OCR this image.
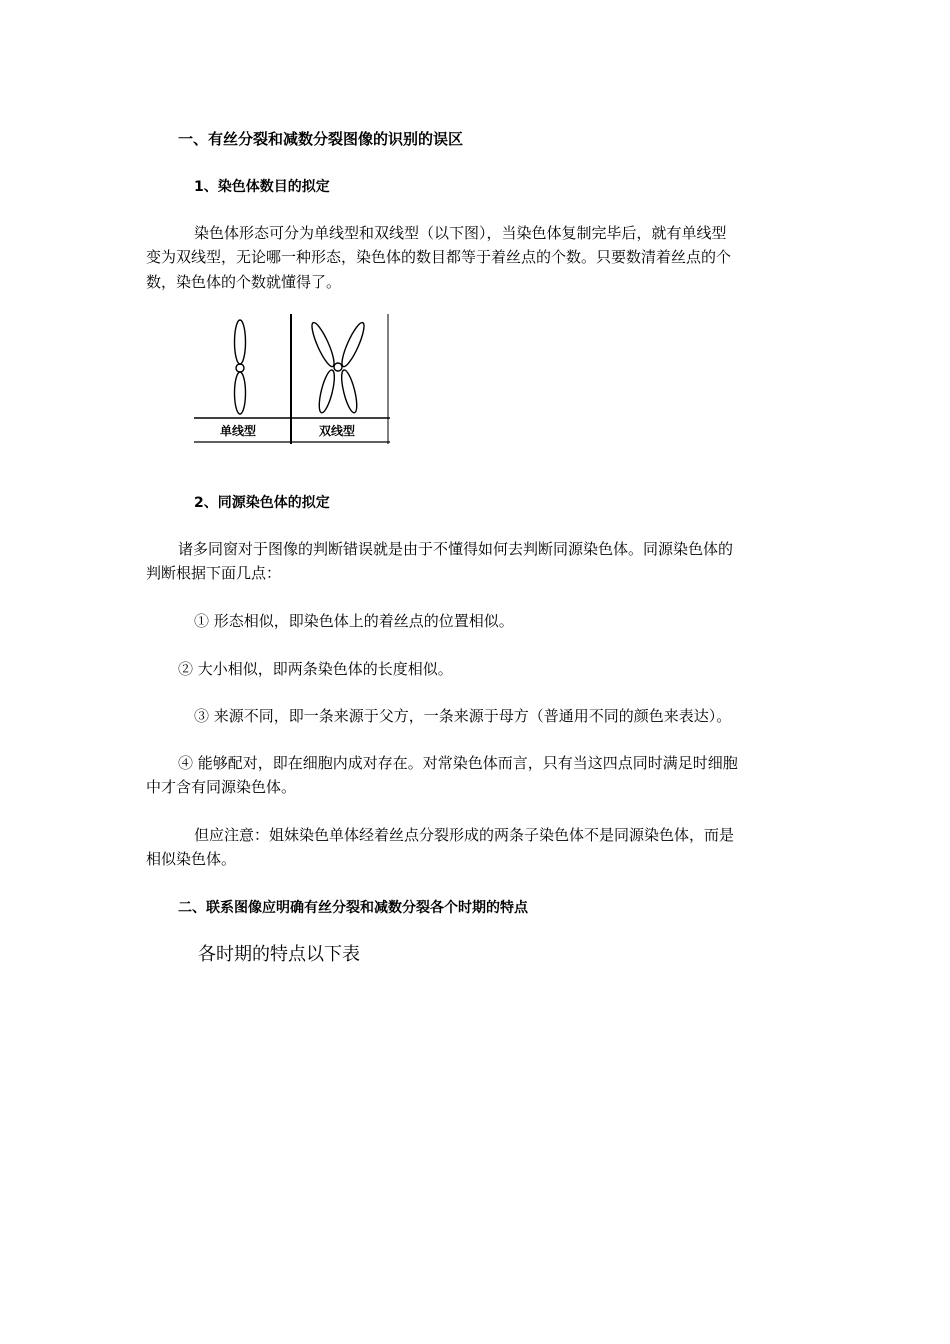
一、有丝分裂和减数分裂图像的识别的误区
1、染色体数目的拟定
染色体形态可分为单线型和双线型（以下图），当染色体复制完毕后，就有单线型
变为双线型，无论哪一种形态，染色体的数目都等于着丝点的个数。只要数清着丝点的个
数，染色体的个数就懂得了。
单线型	双线型
2、同源染色体的拟定
诸多同窗对于图像的判断错误就是由于不懂得如何去判断同源染色体。同源染色体的
判断根据下面几点：
① 形态相似，即染色体上的着丝点的位置相似。
② 大小相似，即两条染色体的长度相似。
③ 来源不同，即一条来源于父方，一条来源于母方（普通用不同的颜色来表达）。
④ 能够配对，即在细胞内成对存在。对常染色体而言，只有当这四点同时满足时细胞
中才含有同源染色体。
但应注意：姐妹染色单体经着丝点分裂形成的两条子染色体不是同源染色体，而是
相似染色体。
二、联系图像应明确有丝分裂和减数分裂各个时期的特点
各时期的特点以下表
